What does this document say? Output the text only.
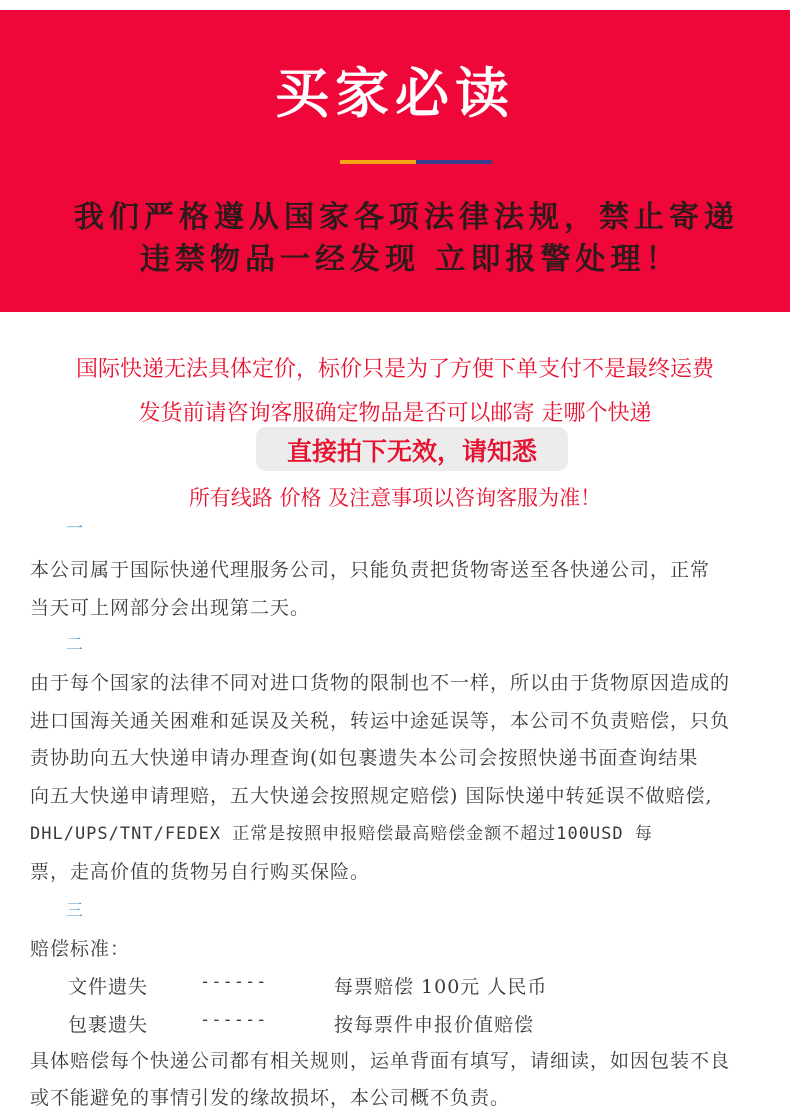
买家必读
我们严格遵从国家各项法律法规，禁止寄递
违禁物品一经发现 立即报警处理！
国际快递无法具体定价，标价只是为了方便下单支付不是最终运费
发货前请咨询客服确定物品是否可以邮寄 走哪个快递
直接拍下无效，请知悉
所有线路 价格 及注意事项以咨询客服为准！
一
本公司属于国际快递代理服务公司，只能负责把货物寄送至各快递公司，正常
当天可上网部分会出现第二天。
二
由于每个国家的法律不同对进口货物的限制也不一样，所以由于货物原因造成的
进口国海关通关困难和延误及关税，转运中途延误等，本公司不负责赔偿，只负
责协助向五大快递申请办理查询(如包裹遗失本公司会按照快递书面查询结果
向五大快递申请理赔，五大快递会按照规定赔偿) 国际快递中转延误不做赔偿,
DHL/UPS/TNT/FEDEX 正常是按照申报赔偿最高赔偿金额不超过100USD 每
票，走高价值的货物另自行购买保险。
三
赔偿标准：
文件遗失	------	每票赔偿 100元 人民币
包裹遗失	------	按每票件申报价值赔偿
具体赔偿每个快递公司都有相关规则，运单背面有填写，请细读，如因包装不良
或不能避免的事情引发的缘故损坏，本公司概不负责。
